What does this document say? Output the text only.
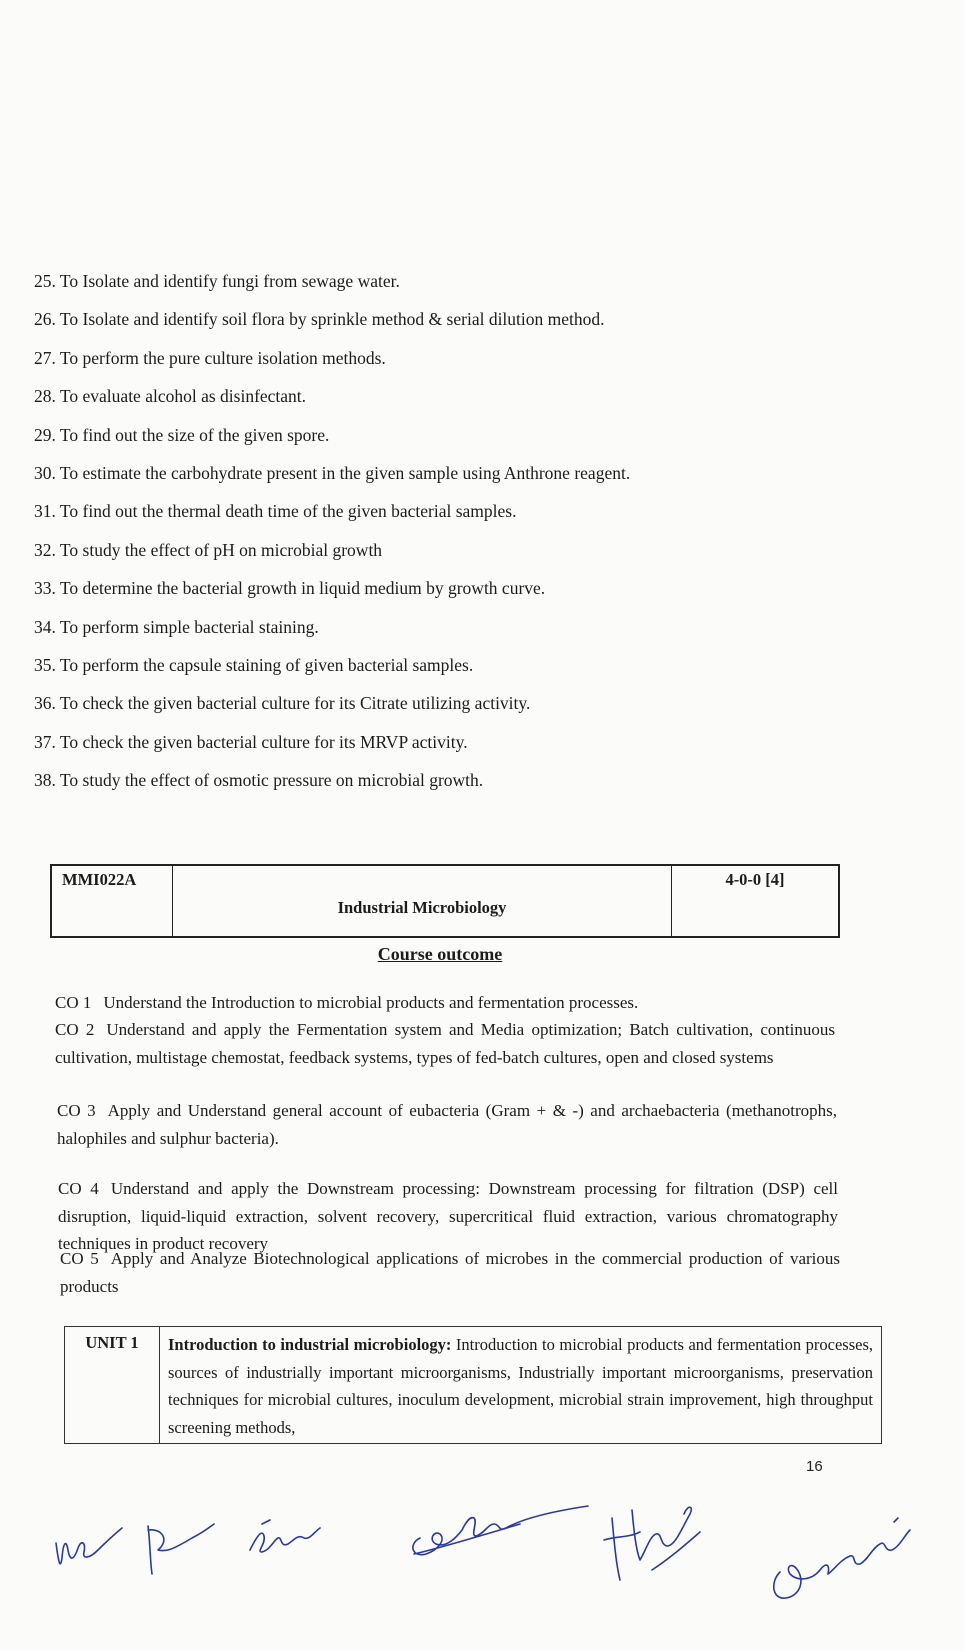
25. To Isolate and identify fungi from sewage water.
26. To Isolate and identify soil flora by sprinkle method & serial dilution method.
27. To perform the pure culture isolation methods.
28. To evaluate alcohol as disinfectant.
29. To find out the size of the given spore.
30. To estimate the carbohydrate present in the given sample using Anthrone reagent.
31. To find out the thermal death time of the given bacterial samples.
32. To study the effect of pH on microbial growth
33. To determine the bacterial growth in liquid medium by growth curve.
34. To perform simple bacterial staining.
35. To perform the capsule staining of given bacterial samples.
36. To check the given bacterial culture for its Citrate utilizing activity.
37. To check the given bacterial culture for its MRVP activity.
38. To study the effect of osmotic pressure on microbial growth.
MMI022A	Industrial Microbiology	4-0-0 [4]
Course outcome
CO 1 Understand the Introduction to microbial products and fermentation processes.
CO 2 Understand and apply the Fermentation system and Media optimization; Batch cultivation, continuous cultivation, multistage chemostat, feedback systems, types of fed-batch cultures, open and closed systems
CO 3 Apply and Understand general account of eubacteria (Gram + & -) and archaebacteria (methanotrophs, halophiles and sulphur bacteria).
CO 4 Understand and apply the Downstream processing: Downstream processing for filtration (DSP) cell disruption, liquid-liquid extraction, solvent recovery, supercritical fluid extraction, various chromatography techniques in product recovery
CO 5 Apply and Analyze Biotechnological applications of microbes in the commercial production of various products
UNIT 1	Introduction to industrial microbiology: Introduction to microbial products and fermentation processes, sources of industrially important microorganisms, Industrially important microorganisms, preservation techniques for microbial cultures, inoculum development, microbial strain improvement, high throughput screening methods,
16
